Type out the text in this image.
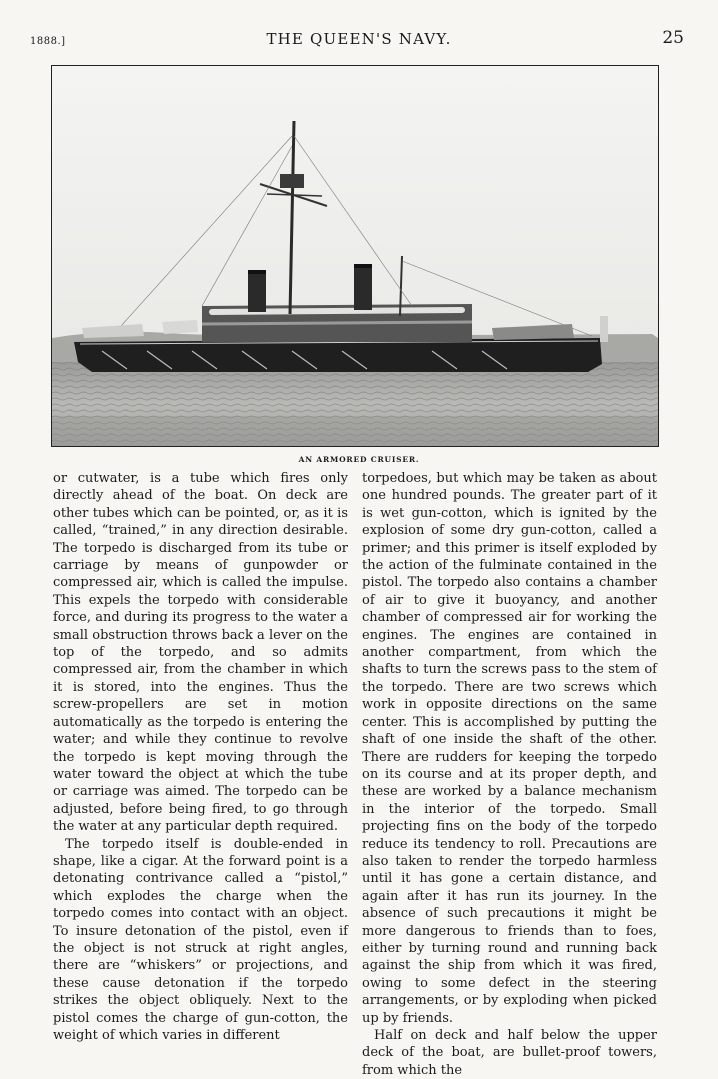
1888.]	THE QUEEN'S NAVY.	25
AN ARMORED CRUISER.

or cutwater, is a tube which fires only directly ahead of the boat. On deck are other tubes which can be pointed, or, as it is called, “trained,” in any direction desirable. The torpedo is discharged from its tube or carriage by means of gunpowder or compressed air, which is called the impulse. This expels the torpedo with considerable force, and during its progress to the water a small obstruction throws back a lever on the top of the torpedo, and so admits compressed air, from the chamber in which it is stored, into the engines. Thus the screw-propellers are set in motion automatically as the torpedo is entering the water; and while they continue to revolve the torpedo is kept moving through the water toward the object at which the tube or carriage was aimed. The torpedo can be adjusted, before being fired, to go through the water at any particular depth required.

The torpedo itself is double-ended in shape, like a cigar. At the forward point is a detonating contrivance called a “pistol,” which explodes the charge when the torpedo comes into contact with an object. To insure detonation of the pistol, even if the object is not struck at right angles, there are “whiskers” or projections, and these cause detonation if the torpedo strikes the object obliquely. Next to the pistol comes the charge of gun-cotton, the weight of which varies in different

torpedoes, but which may be taken as about one hundred pounds. The greater part of it is wet gun-cotton, which is ignited by the explosion of some dry gun-cotton, called a primer; and this primer is itself exploded by the action of the fulminate contained in the pistol. The torpedo also contains a chamber of air to give it buoyancy, and another chamber of compressed air for working the engines. The engines are contained in another compartment, from which the shafts to turn the screws pass to the stem of the torpedo. There are two screws which work in opposite directions on the same center. This is accomplished by putting the shaft of one inside the shaft of the other. There are rudders for keeping the torpedo on its course and at its proper depth, and these are worked by a balance mechanism in the interior of the torpedo. Small projecting fins on the body of the torpedo reduce its tendency to roll. Precautions are also taken to render the torpedo harmless until it has gone a certain distance, and again after it has run its journey. In the absence of such precautions it might be more dangerous to friends than to foes, either by turning round and running back against the ship from which it was fired, owing to some defect in the steering arrangements, or by exploding when picked up by friends.

Half on deck and half below the upper deck of the boat, are bullet-proof towers, from which the
